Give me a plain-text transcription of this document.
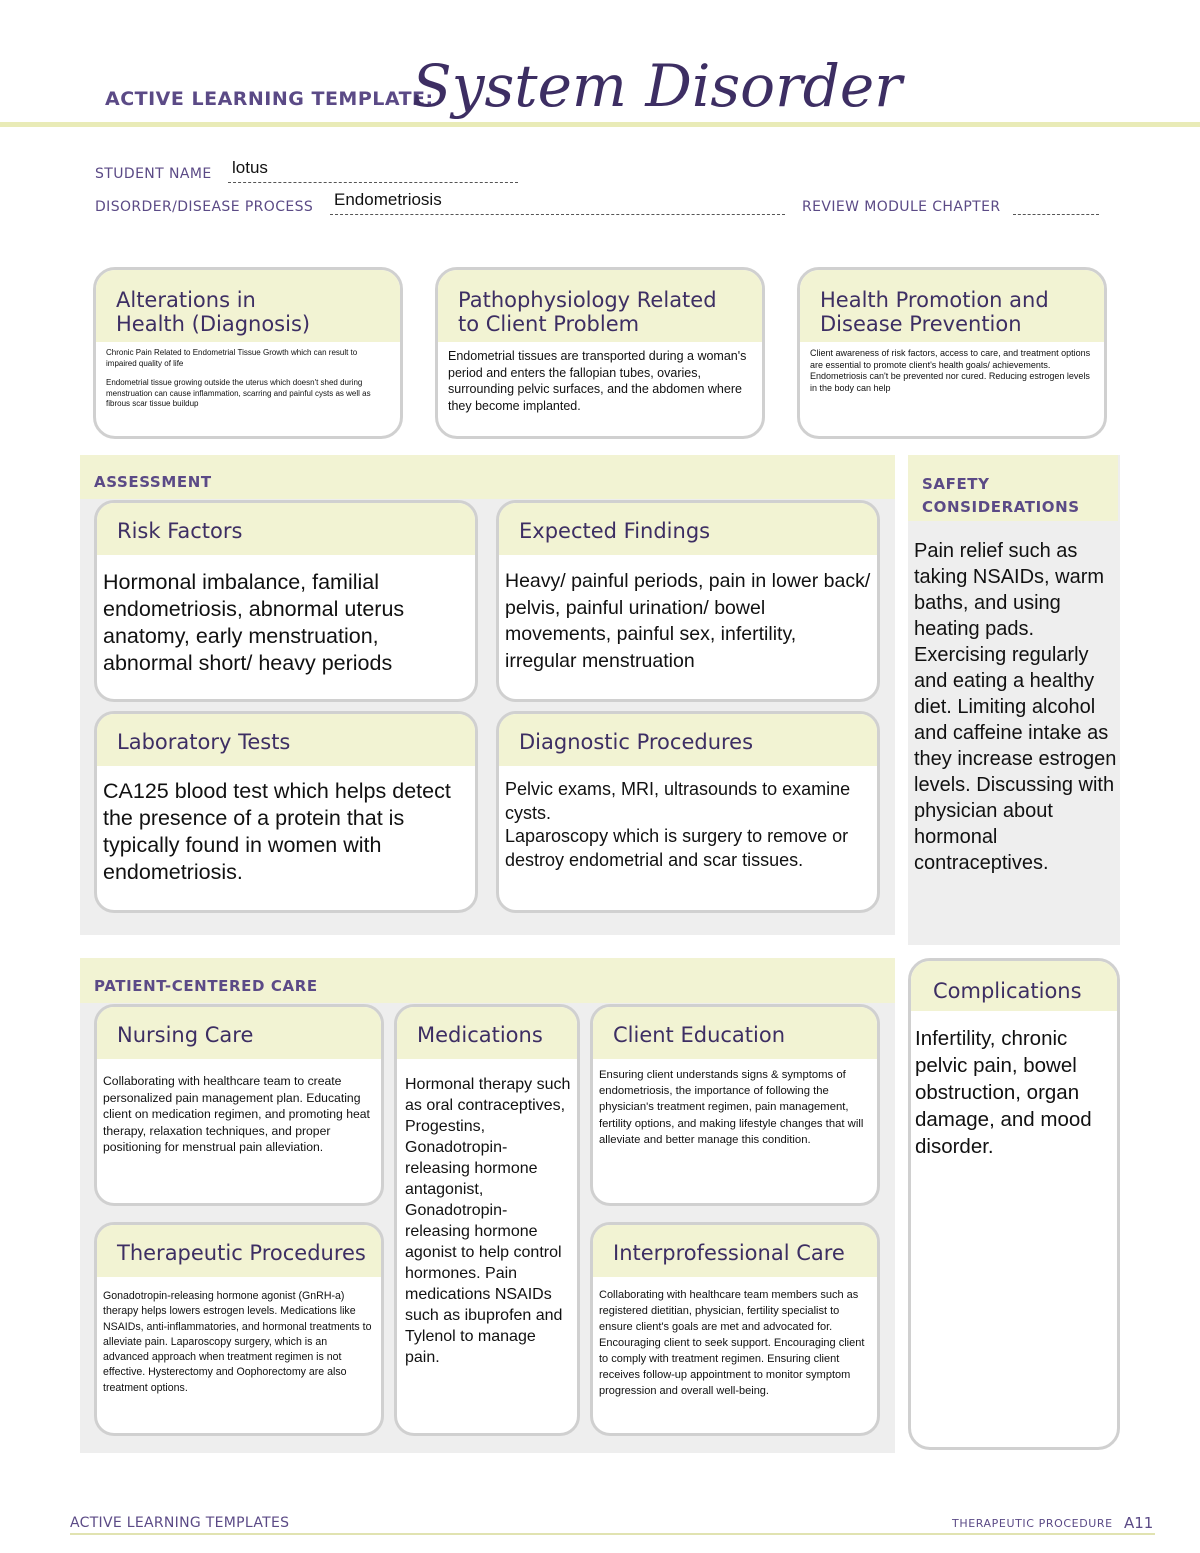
ACTIVE LEARNING TEMPLATE:
System Disorder
STUDENT NAME lotus
DISORDER/DISEASE PROCESS Endometriosis	REVIEW MODULE CHAPTER
Alterations in
Health (Diagnosis)
Chronic Pain Related to Endometrial Tissue Growth which can result to impaired quality of life
Endometrial tissue growing outside the uterus which doesn't shed during menstruation can cause inflammation, scarring and painful cysts as well as fibrous scar tissue buildup
Pathophysiology Related
to Client Problem
Endometrial tissues are transported during a woman's period and enters the fallopian tubes, ovaries, surrounding pelvic surfaces, and the abdomen where they become implanted.
Health Promotion and
Disease Prevention
Client awareness of risk factors, access to care, and treatment options are essential to promote client's health goals/ achievements. Endometriosis can't be prevented nor cured. Reducing estrogen levels in the body can help
ASSESSMENT
Risk Factors
Hormonal imbalance, familial endometriosis, abnormal uterus anatomy, early menstruation, abnormal short/ heavy periods
Expected Findings
Heavy/ painful periods, pain in lower back/ pelvis, painful urination/ bowel movements, painful sex, infertility, irregular menstruation
Laboratory Tests
CA125 blood test which helps detect the presence of a protein that is typically found in women with endometriosis.
Diagnostic Procedures
Pelvic exams, MRI, ultrasounds to examine cysts.
Laparoscopy which is surgery to remove or destroy endometrial and scar tissues.
SAFETY
CONSIDERATIONS
Pain relief such as taking NSAIDs, warm baths, and using heating pads. Exercising regularly and eating a healthy diet. Limiting alcohol and caffeine intake as they increase estrogen levels. Discussing with physician about hormonal contraceptives.
PATIENT-CENTERED CARE
Nursing Care
Collaborating with healthcare team to create personalized pain management plan. Educating client on medication regimen, and promoting heat therapy, relaxation techniques, and proper positioning for menstrual pain alleviation.
Medications
Hormonal therapy such as oral contraceptives, Progestins, Gonadotropin-releasing hormone antagonist, Gonadotropin-releasing hormone agonist to help control hormones. Pain medications NSAIDs such as ibuprofen and Tylenol to manage pain.
Client Education
Ensuring client understands signs & symptoms of endometriosis, the importance of following the physician's treatment regimen, pain management, fertility options, and making lifestyle changes that will alleviate and better manage this condition.
Therapeutic Procedures
Gonadotropin-releasing hormone agonist (GnRH-a) therapy helps lowers estrogen levels. Medications like NSAIDs, anti-inflammatories, and hormonal treatments to alleviate pain. Laparoscopy surgery, which is an advanced approach when treatment regimen is not effective. Hysterectomy and Oophorectomy are also treatment options.
Interprofessional Care
Collaborating with healthcare team members such as registered dietitian, physician, fertility specialist to ensure client's goals are met and advocated for. Encouraging client to seek support. Encouraging client to comply with treatment regimen. Ensuring client receives follow-up appointment to monitor symptom progression and overall well-being.
Complications
Infertility, chronic pelvic pain, bowel obstruction, organ damage, and mood disorder.
ACTIVE LEARNING TEMPLATES	THERAPEUTIC PROCEDURE A11
